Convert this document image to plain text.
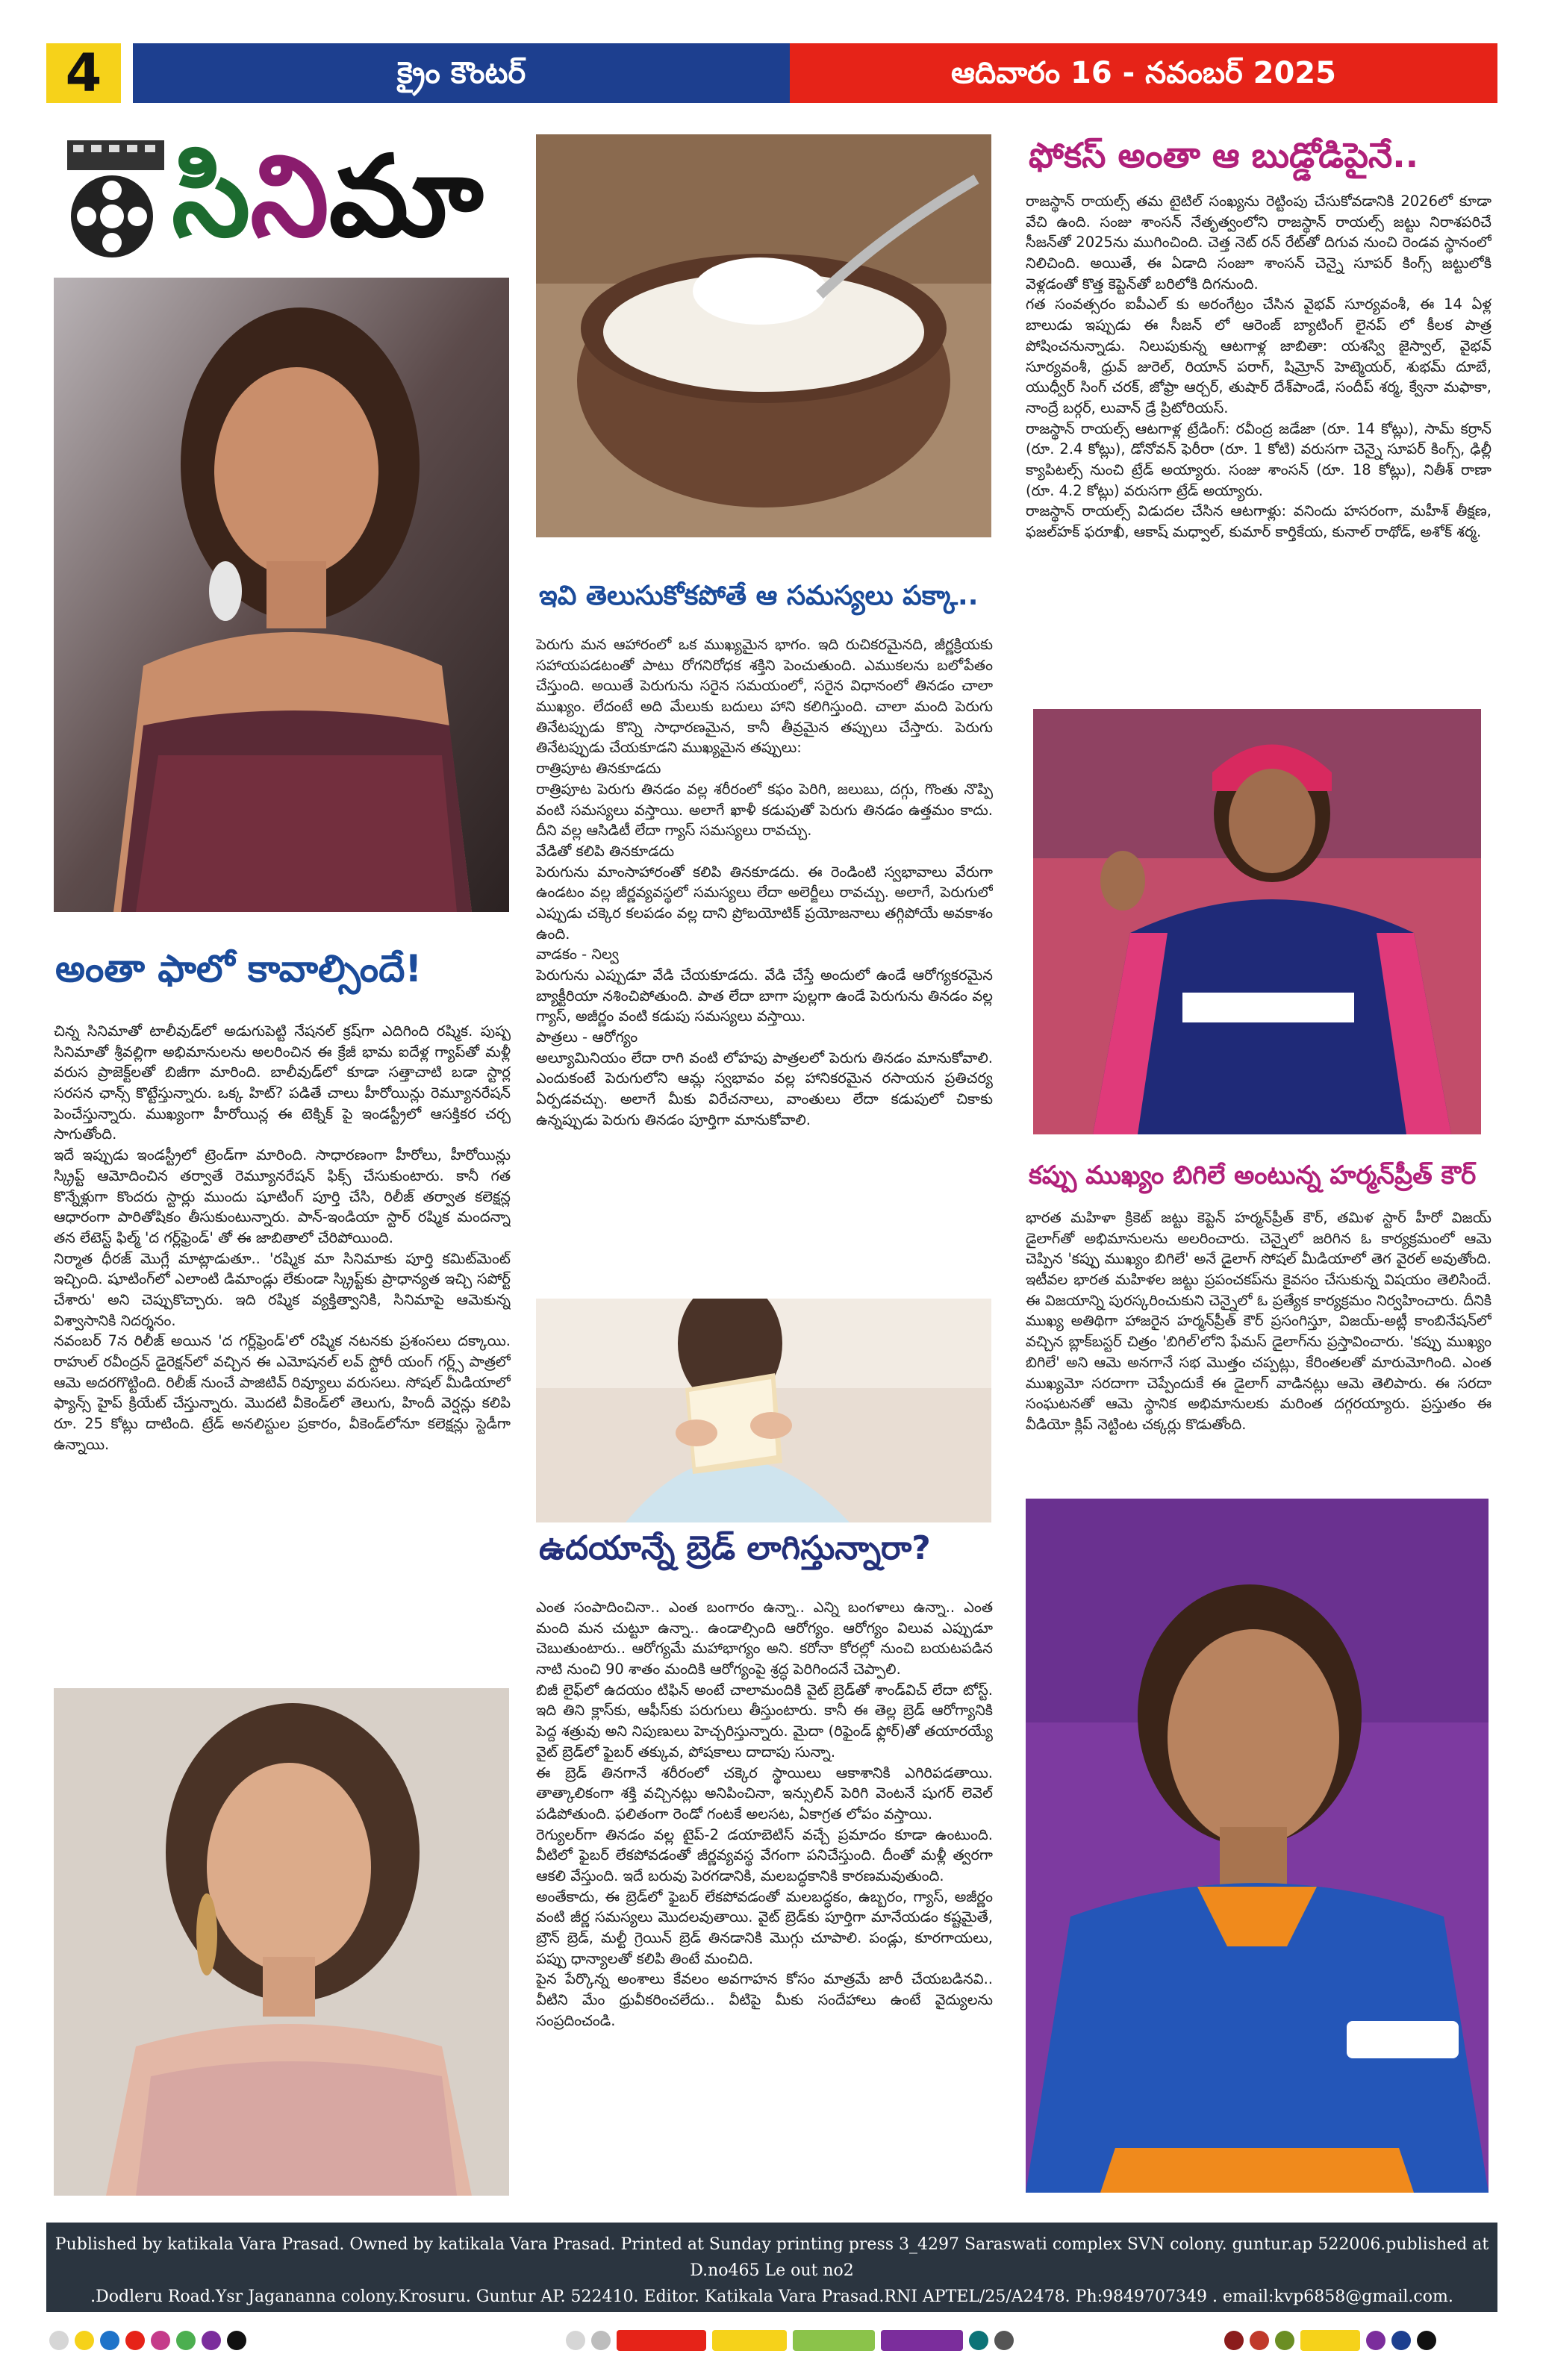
4	క్రైం కౌంటర్	ఆదివారం 16 - నవంబర్ 2025
సినిమా
అంతా ఫాలో కావాల్సిందే!
చిన్న సినిమాతో టాలీవుడ్‌లో అడుగుపెట్టి నేషనల్ క్రష్‌గా ఎదిగింది రష్మిక. పుష్ప సినిమాతో శ్రీవల్లిగా అభిమానులను అలరించిన ఈ క్రేజీ భామ ఐదేళ్ల గ్యాప్‌తో మళ్లీ వరుస ప్రాజెక్ట్‌లతో బిజీగా మారింది. బాలీవుడ్‌లో కూడా సత్తాచాటి బడా స్టార్ల సరసన ఛాన్స్ కొట్టేస్తున్నారు. ఒక్క హిట్? పడితే చాలు హీరోయిన్లు రెమ్యూనరేషన్ పెంచేస్తున్నారు. ముఖ్యంగా హీరోయిన్ల ఈ టెక్నిక్ పై ఇండస్ట్రీలో ఆసక్తికర చర్చ సాగుతోంది.
ఇదే ఇప్పుడు ఇండస్ట్రీలో ట్రెండ్‌గా మారింది. సాధారణంగా హీరోలు, హీరోయిన్లు స్క్రిప్ట్ ఆమోదించిన తర్వాతే రెమ్యూనరేషన్ ఫిక్స్ చేసుకుంటారు. కానీ గత కొన్నేళ్లుగా కొందరు స్టార్లు ముందు షూటింగ్ పూర్తి చేసి, రిలీజ్ తర్వాత కలెక్షన్ల ఆధారంగా పారితోషికం తీసుకుంటున్నారు. పాన్-ఇండియా స్టార్ రష్మిక మందన్నా తన లేటెస్ట్ ఫిల్మ్ 'ద గర్ల్‌ఫ్రెండ్' తో ఈ జాబితాలో చేరిపోయింది.
నిర్మాత ధీరజ్ మొగ్లే మాట్లాడుతూ.. 'రష్మిక మా సినిమాకు పూర్తి కమిట్‌మెంట్ ఇచ్చింది. షూటింగ్‌లో ఎలాంటి డిమాండ్లు లేకుండా స్క్రిప్ట్‌కు ప్రాధాన్యత ఇచ్చి సపోర్ట్ చేశారు' అని చెప్పుకొచ్చారు. ఇది రష్మిక వ్యక్తిత్వానికి, సినిమాపై ఆమెకున్న విశ్వాసానికి నిదర్శనం.
నవంబర్ 7న రిలీజ్ అయిన 'ద గర్ల్‌ఫ్రెండ్'లో రష్మిక నటనకు ప్రశంసలు దక్కాయి. రాహుల్ రవీంద్రన్ డైరెక్షన్‌లో వచ్చిన ఈ ఎమోషనల్ లవ్ స్టోరీ యంగ్ గర్ల్స్ పాత్రలో ఆమె అదరగొట్టింది. రిలీజ్ నుంచే పాజిటివ్ రివ్యూలు వరుసలు. సోషల్ మీడియాలో ఫ్యాన్స్ హైప్ క్రియేట్ చేస్తున్నారు. మొదటి వీకెండ్‌లో తెలుగు, హిందీ వెర్షన్లు కలిపి రూ. 25 కోట్లు దాటింది. ట్రేడ్ అనలిస్టుల ప్రకారం, వీకెండ్‌లోనూ కలెక్షన్లు స్టెడీగా ఉన్నాయి.
ఇవి తెలుసుకోకపోతే ఆ సమస్యలు పక్కా..
పెరుగు మన ఆహారంలో ఒక ముఖ్యమైన భాగం. ఇది రుచికరమైనది, జీర్ణక్రియకు సహాయపడటంతో పాటు రోగనిరోధక శక్తిని పెంచుతుంది. ఎముకలను బలోపేతం చేస్తుంది. అయితే పెరుగును సరైన సమయంలో, సరైన విధానంలో తినడం చాలా ముఖ్యం. లేదంటే అది మేలుకు బదులు హాని కలిగిస్తుంది. చాలా మంది పెరుగు తినేటప్పుడు కొన్ని సాధారణమైన, కానీ తీవ్రమైన తప్పులు చేస్తారు. పెరుగు తినేటప్పుడు చేయకూడని ముఖ్యమైన తప్పులు:
రాత్రిపూట తినకూడదు
రాత్రిపూట పెరుగు తినడం వల్ల శరీరంలో కఫం పెరిగి, జలుబు, దగ్గు, గొంతు నొప్పి వంటి సమస్యలు వస్తాయి. అలాగే ఖాళీ కడుపుతో పెరుగు తినడం ఉత్తమం కాదు. దీని వల్ల ఆసిడిటీ లేదా గ్యాస్ సమస్యలు రావచ్చు.
వేడితో కలిపి తినకూడదు
పెరుగును మాంసాహారంతో కలిపి తినకూడదు. ఈ రెండింటి స్వభావాలు వేరుగా ఉండటం వల్ల జీర్ణవ్యవస్థలో సమస్యలు లేదా అలెర్జీలు రావచ్చు. అలాగే, పెరుగులో ఎప్పుడు చక్కెర కలపడం వల్ల దాని ప్రోబయోటిక్ ప్రయోజనాలు తగ్గిపోయే అవకాశం ఉంది.
వాడకం - నిల్వ
పెరుగును ఎప్పుడూ వేడి చేయకూడదు. వేడి చేస్తే అందులో ఉండే ఆరోగ్యకరమైన బ్యాక్టీరియా నశించిపోతుంది. పాత లేదా బాగా పుల్లగా ఉండే పెరుగును తినడం వల్ల గ్యాస్, అజీర్ణం వంటి కడుపు సమస్యలు వస్తాయి.
పాత్రలు - ఆరోగ్యం
అల్యూమినియం లేదా రాగి వంటి లోహపు పాత్రలలో పెరుగు తినడం మానుకోవాలి. ఎందుకంటే పెరుగులోని ఆమ్ల స్వభావం వల్ల హానికరమైన రసాయన ప్రతిచర్య ఏర్పడవచ్చు. అలాగే మీకు విరేచనాలు, వాంతులు లేదా కడుపులో చికాకు ఉన్నప్పుడు పెరుగు తినడం పూర్తిగా మానుకోవాలి.
ఉదయాన్నే బ్రెడ్ లాగిస్తున్నారా?
ఎంత సంపాదించినా.. ఎంత బంగారం ఉన్నా.. ఎన్ని బంగళాలు ఉన్నా.. ఎంత మంది మన చుట్టూ ఉన్నా.. ఉండాల్సింది ఆరోగ్యం. ఆరోగ్యం విలువ ఎప్పుడూ చెబుతుంటారు.. ఆరోగ్యమే మహాభాగ్యం అని. కరోనా కోరల్లో నుంచి బయటపడిన నాటి నుంచి 90 శాతం మందికి ఆరోగ్యంపై శ్రద్ధ పెరిగిందనే చెప్పాలి.
బిజీ లైఫ్‌లో ఉదయం టిఫిన్ అంటే చాలామందికి వైట్ బ్రెడ్‌తో శాండ్‌విచ్ లేదా టోస్ట్. ఇది తిని క్లాస్‌కు, ఆఫీస్‌కు పరుగులు తీస్తుంటారు. కానీ ఈ తెల్ల బ్రెడ్ ఆరోగ్యానికి పెద్ద శత్రువు అని నిపుణులు హెచ్చరిస్తున్నారు. మైదా (రిఫైండ్ ఫ్లోర్)తో తయారయ్యే వైట్ బ్రెడ్‌లో ఫైబర్ తక్కువ, పోషకాలు దాదాపు సున్నా.
ఈ బ్రెడ్ తినగానే శరీరంలో చక్కెర స్థాయిలు ఆకాశానికి ఎగిరిపడతాయి. తాత్కాలికంగా శక్తి వచ్చినట్లు అనిపించినా, ఇన్సులిన్ పెరిగి వెంటనే షుగర్ లెవెల్ పడిపోతుంది. ఫలితంగా రెండో గంటకే అలసట, ఏకాగ్రత లోపం వస్తాయి.
రెగ్యులర్‌గా తినడం వల్ల టైప్-2 డయాబెటిస్ వచ్చే ప్రమాదం కూడా ఉంటుంది. వీటిలో ఫైబర్ లేకపోవడంతో జీర్ణవ్యవస్థ వేగంగా పనిచేస్తుంది. దీంతో మళ్లీ త్వరగా ఆకలి వేస్తుంది. ఇదే బరువు పెరగడానికి, మలబద్ధకానికి కారణమవుతుంది.
అంతేకాదు, ఈ బ్రెడ్‌లో ఫైబర్ లేకపోవడంతో మలబద్ధకం, ఉబ్బరం, గ్యాస్, అజీర్ణం వంటి జీర్ణ సమస్యలు మొదలవుతాయి. వైట్ బ్రెడ్‌కు పూర్తిగా మానేయడం కష్టమైతే, బ్రౌన్ బ్రెడ్, మల్టీ గ్రెయిన్ బ్రెడ్ తినడానికి మొగ్గు చూపాలి. పండ్లు, కూరగాయలు, పప్పు ధాన్యాలతో కలిపి తింటే మంచిది.
పైన పేర్కొన్న అంశాలు కేవలం అవగాహన కోసం మాత్రమే జారీ చేయబడినవి.. వీటిని మేం ధ్రువీకరించలేదు.. వీటిపై మీకు సందేహాలు ఉంటే వైద్యులను సంప్రదించండి.
ఫోకస్ అంతా ఆ బుడ్డోడిపైనే..
రాజస్థాన్ రాయల్స్ తమ టైటిల్ సంఖ్యను రెట్టింపు చేసుకోవడానికి 2026లో కూడా వేచి ఉంది. సంజు శాంసన్ నేతృత్వంలోని రాజస్థాన్ రాయల్స్ జట్టు నిరాశపరిచే సీజన్‌తో 2025ను ముగించింది. చెత్త నెట్ రన్ రేట్‌తో దిగువ నుంచి రెండవ స్థానంలో నిలిచింది. అయితే, ఈ ఏడాది సంజూ శాంసన్ చెన్నై సూపర్ కింగ్స్ జట్టులోకి వెళ్లడంతో కొత్త కెప్టెన్‌తో బరిలోకి దిగనుంది.
గత సంవత్సరం ఐపీఎల్ కు అరంగేట్రం చేసిన వైభవ్ సూర్యవంశీ, ఈ 14 ఏళ్ల బాలుడు ఇప్పుడు ఈ సీజన్ లో ఆరెంజ్ బ్యాటింగ్ లైనప్ లో కీలక పాత్ర పోషించనున్నాడు. నిలుపుకున్న ఆటగాళ్ల జాబితా: యశస్వి జైస్వాల్, వైభవ్ సూర్యవంశీ, ధ్రువ్ జురెల్, రియాన్ పరాగ్, షిమ్రోన్ హెట్మెయర్, శుభమ్ దూబే, యుధ్వీర్ సింగ్ చరక్, జోఫ్రా ఆర్చర్, తుషార్ దేశ్‌పాండే, సందీప్ శర్మ, క్వేనా మఫాకా, నాంద్రే బర్గర్, లువాన్ డ్రే ప్రిటోరియస్.
రాజస్థాన్ రాయల్స్ ఆటగాళ్ల ట్రేడింగ్: రవీంద్ర జడేజా (రూ. 14 కోట్లు), సామ్ కర్రాన్ (రూ. 2.4 కోట్లు), డోనోవన్ ఫెరీరా (రూ. 1 కోటి) వరుసగా చెన్నై సూపర్ కింగ్స్, ఢిల్లీ క్యాపిటల్స్ నుంచి ట్రేడ్ అయ్యారు. సంజు శాంసన్ (రూ. 18 కోట్లు), నితీశ్ రాణా (రూ. 4.2 కోట్లు) వరుసగా ట్రేడ్ అయ్యారు.
రాజస్థాన్ రాయల్స్ విడుదల చేసిన ఆటగాళ్లు: వనిందు హసరంగా, మహీశ్ తీక్షణ, ఫజల్‌హక్ ఫరూఖీ, ఆకాష్ మధ్వాల్, కుమార్ కార్తికేయ, కునాల్ రాథోడ్, అశోక్ శర్మ.
కప్పు ముఖ్యం బిగిలే అంటున్న హర్మన్‌ప్రీత్ కౌర్
భారత మహిళా క్రికెట్ జట్టు కెప్టెన్ హర్మన్‌ప్రీత్ కౌర్, తమిళ స్టార్ హీరో విజయ్ డైలాగ్‌తో అభిమానులను అలరించారు. చెన్నైలో జరిగిన ఓ కార్యక్రమంలో ఆమె చెప్పిన 'కప్పు ముఖ్యం బిగిలే' అనే డైలాగ్ సోషల్ మీడియాలో తెగ వైరల్ అవుతోంది. ఇటీవల భారత మహిళల జట్టు ప్రపంచకప్‌ను కైవసం చేసుకున్న విషయం తెలిసిందే. ఈ విజయాన్ని పురస్కరించుకుని చెన్నైలో ఓ ప్రత్యేక కార్యక్రమం నిర్వహించారు. దీనికి ముఖ్య అతిథిగా హాజరైన హర్మన్‌ప్రీత్ కౌర్ ప్రసంగిస్తూ, విజయ్-అట్లీ కాంబినేషన్‌లో వచ్చిన బ్లాక్‌బస్టర్ చిత్రం 'బిగిల్'లోని ఫేమస్ డైలాగ్‌ను ప్రస్తావించారు. 'కప్పు ముఖ్యం బిగిలే' అని ఆమె అనగానే సభ మొత్తం చప్పట్లు, కేరింతలతో మారుమోగింది. ఎంత ముఖ్యమో సరదాగా చెప్పేందుకే ఈ డైలాగ్ వాడినట్లు ఆమె తెలిపారు. ఈ సరదా సంఘటనతో ఆమె స్థానిక అభిమానులకు మరింత దగ్గరయ్యారు. ప్రస్తుతం ఈ వీడియో క్లిప్ నెట్టింట చక్కర్లు కొడుతోంది.
Published by katikala Vara Prasad. Owned by katikala Vara Prasad. Printed at Sunday printing press 3_4297 Saraswati complex SVN colony. guntur.ap 522006.published at D.no465 Le out no2
.Dodleru Road.Ysr Jagananna colony.Krosuru. Guntur AP. 522410. Editor. Katikala Vara Prasad.RNI APTEL/25/A2478. Ph:9849707349 . email:kvp6858@gmail.com.
